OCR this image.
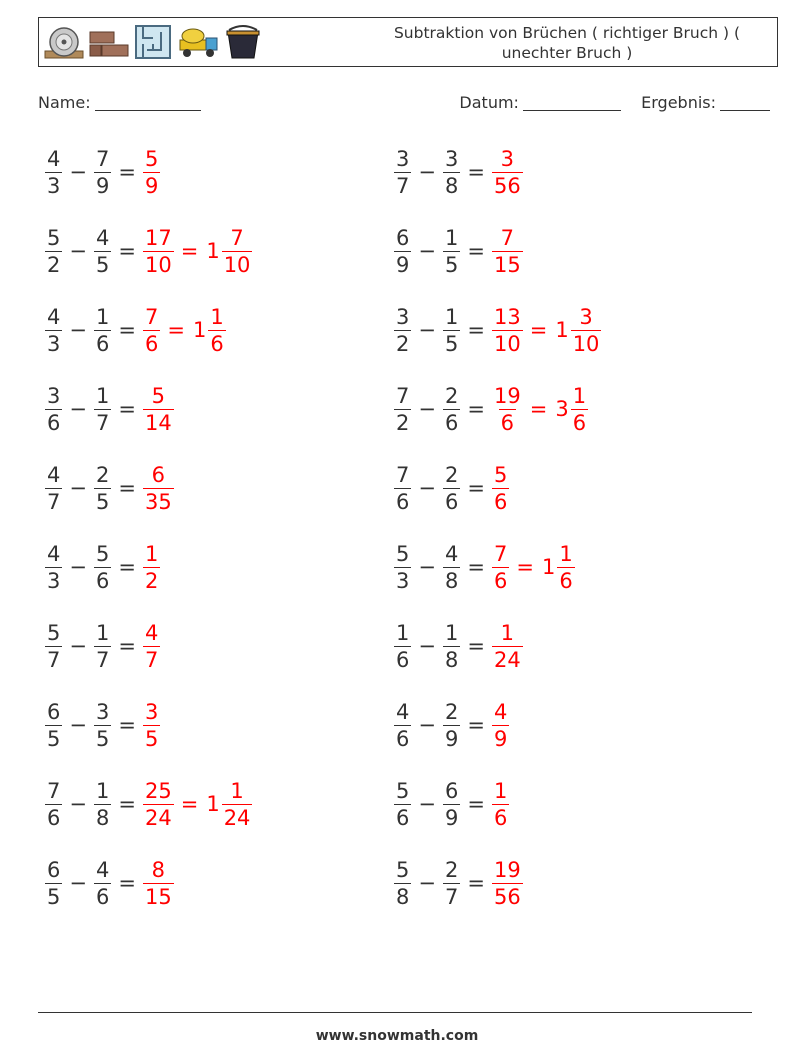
Subtraktion von Brüchen ( richtiger Bruch ) (
unechter Bruch )
Name:	Datum:	Ergebnis:
$\frac{4}{3} - \frac{7}{9} = \frac{5}{9}$
$\frac{5}{2} - \frac{4}{5} = \frac{17}{10} = 1 \frac{7}{10}$
$\frac{4}{3} - \frac{1}{6} = \frac{7}{6} = 1 \frac{1}{6}$
$\frac{3}{6} - \frac{1}{7} = \frac{5}{14}$
$\frac{4}{7} - \frac{2}{5} = \frac{6}{35}$
$\frac{4}{3} - \frac{5}{6} = \frac{1}{2}$
$\frac{5}{7} - \frac{1}{7} = \frac{4}{7}$
$\frac{6}{5} - \frac{3}{5} = \frac{3}{5}$
$\frac{7}{6} - \frac{1}{8} = \frac{25}{24} = 1 \frac{1}{24}$
$\frac{6}{5} - \frac{4}{6} = \frac{8}{15}$
$\frac{3}{7} - \frac{3}{8} = \frac{3}{56}$
$\frac{6}{9} - \frac{1}{5} = \frac{7}{15}$
$\frac{3}{2} - \frac{1}{5} = \frac{13}{10} = 1 \frac{3}{10}$
$\frac{7}{2} - \frac{2}{6} = \frac{19}{6} = 3 \frac{1}{6}$
$\frac{7}{6} - \frac{2}{6} = \frac{5}{6}$
$\frac{5}{3} - \frac{4}{8} = \frac{7}{6} = 1 \frac{1}{6}$
$\frac{1}{6} - \frac{1}{8} = \frac{1}{24}$
$\frac{4}{6} - \frac{2}{9} = \frac{4}{9}$
$\frac{5}{6} - \frac{6}{9} = \frac{1}{6}$
$\frac{5}{8} - \frac{2}{7} = \frac{19}{56}$
www.snowmath.com
